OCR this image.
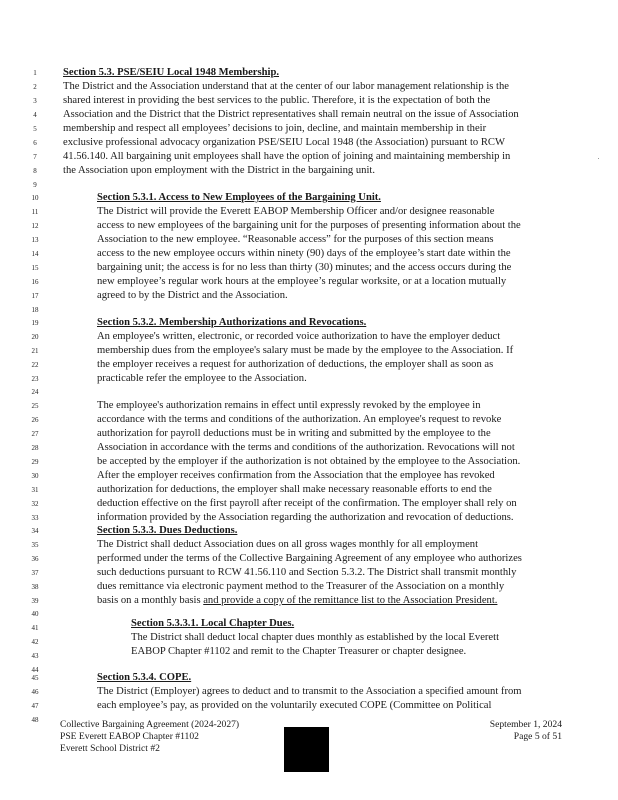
1
2
3
4
5
6
7
8
9
10
11
12
13
14
15
16
17
18
19
20
21
22
23
24
25
26
27
28
29
30
31
32
33
34
35
36
37
38
39
40
41
42
43
44
45
46
47
48
Section 5.3. PSE/SEIU Local 1948 Membership.
The District and the Association understand that at the center of our labor management relationship is the
shared interest in providing the best services to the public. Therefore, it is the expectation of both the
Association and the District that the District representatives shall remain neutral on the issue of Association
membership and respect all employees’ decisions to join, decline, and maintain membership in their
exclusive professional advocacy organization PSE/SEIU Local 1948 (the Association) pursuant to RCW
41.56.140. All bargaining unit employees shall have the option of joining and maintaining membership in
the Association upon employment with the District in the bargaining unit.
Section 5.3.1. Access to New Employees of the Bargaining Unit.
The District will provide the Everett EABOP Membership Officer and/or designee reasonable
access to new employees of the bargaining unit for the purposes of presenting information about the
Association to the new employee. “Reasonable access” for the purposes of this section means
access to the new employee occurs within ninety (90) days of the employee’s start date within the
bargaining unit; the access is for no less than thirty (30) minutes; and the access occurs during the
new employee’s regular work hours at the employee’s regular worksite, or at a location mutually
agreed to by the District and the Association.
Section 5.3.2. Membership Authorizations and Revocations.
An employee's written, electronic, or recorded voice authorization to have the employer deduct
membership dues from the employee's salary must be made by the employee to the Association. If
the employer receives a request for authorization of deductions, the employer shall as soon as
practicable refer the employee to the Association.
The employee's authorization remains in effect until expressly revoked by the employee in
accordance with the terms and conditions of the authorization. An employee's request to revoke
authorization for payroll deductions must be in writing and submitted by the employee to the
Association in accordance with the terms and conditions of the authorization. Revocations will not
be accepted by the employer if the authorization is not obtained by the employee to the Association.
After the employer receives confirmation from the Association that the employee has revoked
authorization for deductions, the employer shall make necessary reasonable efforts to end the
deduction effective on the first payroll after receipt of the confirmation. The employer shall rely on
information provided by the Association regarding the authorization and revocation of deductions.
Section 5.3.3. Dues Deductions.
The District shall deduct Association dues on all gross wages monthly for all employment
performed under the terms of the Collective Bargaining Agreement of any employee who authorizes
such deductions pursuant to RCW 41.56.110 and Section 5.3.2. The District shall transmit monthly
dues remittance via electronic payment method to the Treasurer of the Association on a monthly
basis on a monthly basis and provide a copy of the remittance list to the Association President.
Section 5.3.3.1. Local Chapter Dues.
The District shall deduct local chapter dues monthly as established by the local Everett
EABOP Chapter #1102 and remit to the Chapter Treasurer or chapter designee.
Section 5.3.4. COPE.
The District (Employer) agrees to deduct and to transmit to the Association a specified amount from
each employee’s pay, as provided on the voluntarily executed COPE (Committee on Political
Collective Bargaining Agreement (2024-2027)
PSE Everett EABOP Chapter #1102
Everett School District #2
September 1, 2024
Page 5 of 51
